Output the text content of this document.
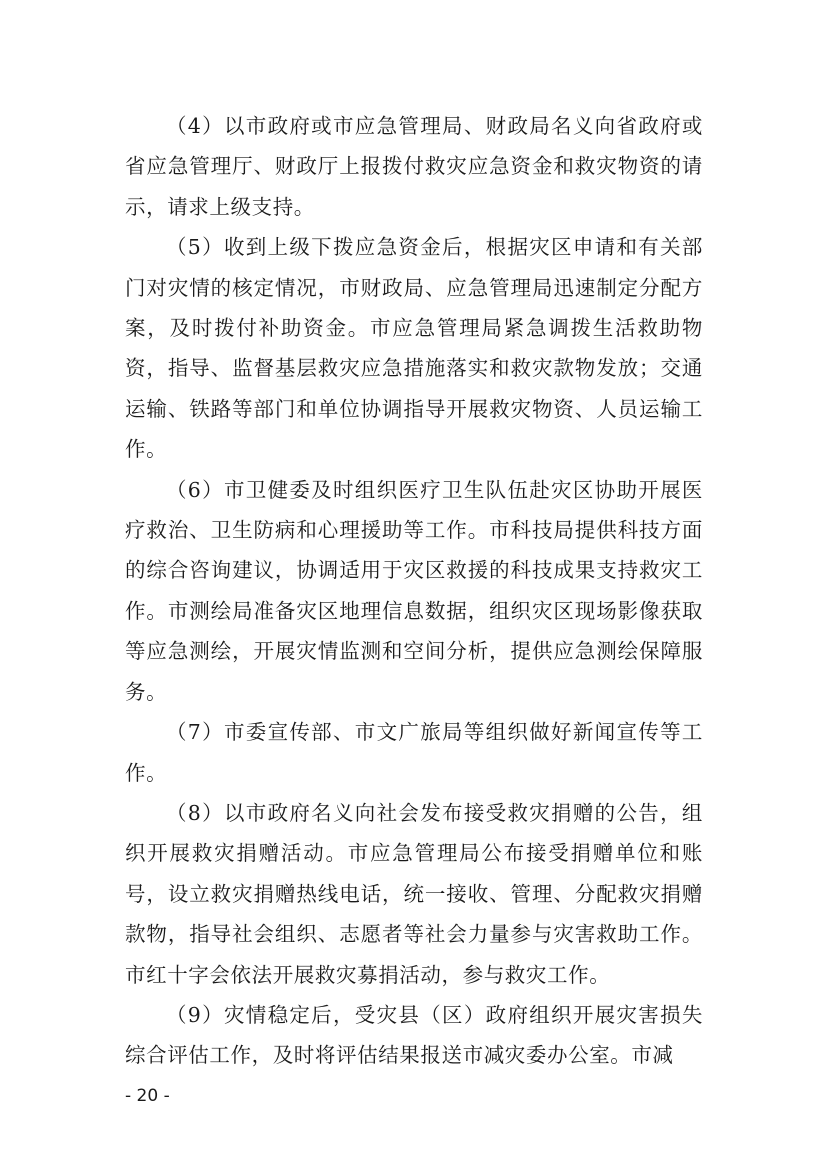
（4）以市政府或市应急管理局、财政局名义向省政府或省应急管理厅、财政厅上报拨付救灾应急资金和救灾物资的请示，请求上级支持。

（5）收到上级下拨应急资金后，根据灾区申请和有关部门对灾情的核定情况，市财政局、应急管理局迅速制定分配方案，及时拨付补助资金。市应急管理局紧急调拨生活救助物资，指导、监督基层救灾应急措施落实和救灾款物发放；交通运输、铁路等部门和单位协调指导开展救灾物资、人员运输工作。

（6）市卫健委及时组织医疗卫生队伍赴灾区协助开展医疗救治、卫生防病和心理援助等工作。市科技局提供科技方面的综合咨询建议，协调适用于灾区救援的科技成果支持救灾工作。市测绘局准备灾区地理信息数据，组织灾区现场影像获取等应急测绘，开展灾情监测和空间分析，提供应急测绘保障服务。

（7）市委宣传部、市文广旅局等组织做好新闻宣传等工作。

（8）以市政府名义向社会发布接受救灾捐赠的公告，组织开展救灾捐赠活动。市应急管理局公布接受捐赠单位和账号，设立救灾捐赠热线电话，统一接收、管理、分配救灾捐赠款物，指导社会组织、志愿者等社会力量参与灾害救助工作。市红十字会依法开展救灾募捐活动，参与救灾工作。

（9）灾情稳定后，受灾县（区）政府组织开展灾害损失综合评估工作，及时将评估结果报送市减灾委办公室。市减

- 20 -
